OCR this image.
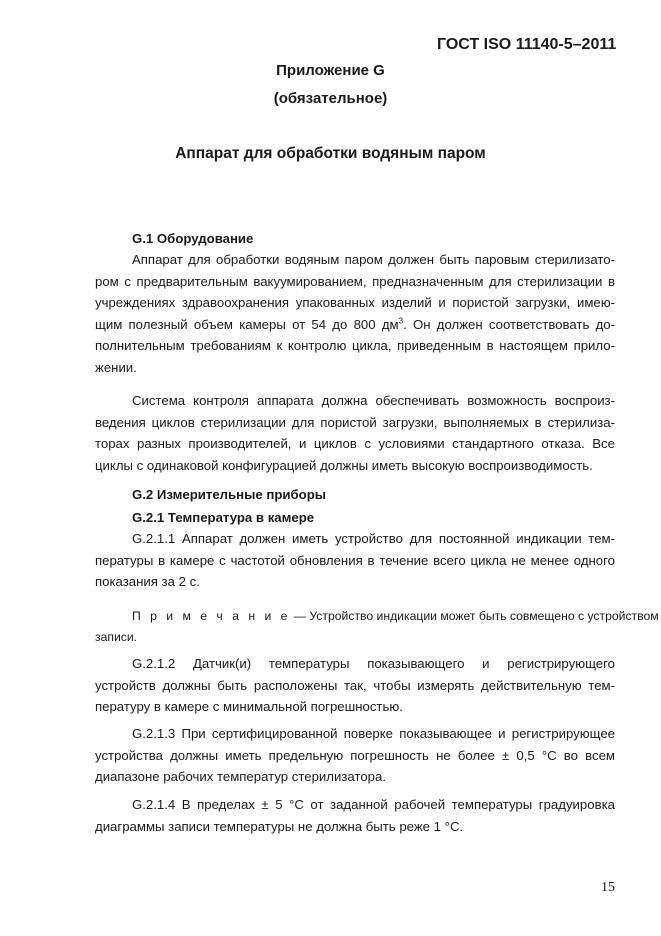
ГОСТ ISO 11140-5–2011
Приложение G
(обязательное)
Аппарат для обработки водяным паром
G.1 Оборудование
Аппарат для обработки водяным паром должен быть паровым стерилизато-
ром с предварительным вакуумированием, предназначенным для стерилизации в
учреждениях здравоохранения упакованных изделий и пористой загрузки, имею-
щим полезный объем камеры от 54 до 800 $дм^3$. Он должен соответствовать до-
полнительным требованиям к контролю цикла, приведенным в настоящем прило-
жении.
Система контроля аппарата должна обеспечивать возможность воспроиз-
ведения циклов стерилизации для пористой загрузки, выполняемых в стерилиза-
торах разных производителей, и циклов с условиями стандартного отказа. Все
циклы с одинаковой конфигурацией должны иметь высокую воспроизводимость.
G.2 Измерительные приборы
G.2.1 Температура в камере
G.2.1.1 Аппарат должен иметь устройство для постоянной индикации тем-
пературы в камере с частотой обновления в течение всего цикла не менее одного
показания за 2 с.
П р и м е ч а н и е — Устройство индикации может быть совмещено с устройством
записи.
G.2.1.2 Датчик(и) температуры показывающего и регистрирующего
устройств должны быть расположены так, чтобы измерять действительную тем-
пературу в камере с минимальной погрешностью.
G.2.1.3 При сертифицированной поверке показывающее и регистрирующее
устройства должны иметь предельную погрешность не более ± 0,5 °С во всем
диапазоне рабочих температур стерилизатора.
G.2.1.4 В пределах ± 5 °С от заданной рабочей температуры градуировка
диаграммы записи температуры не должна быть реже 1 °С.
15
